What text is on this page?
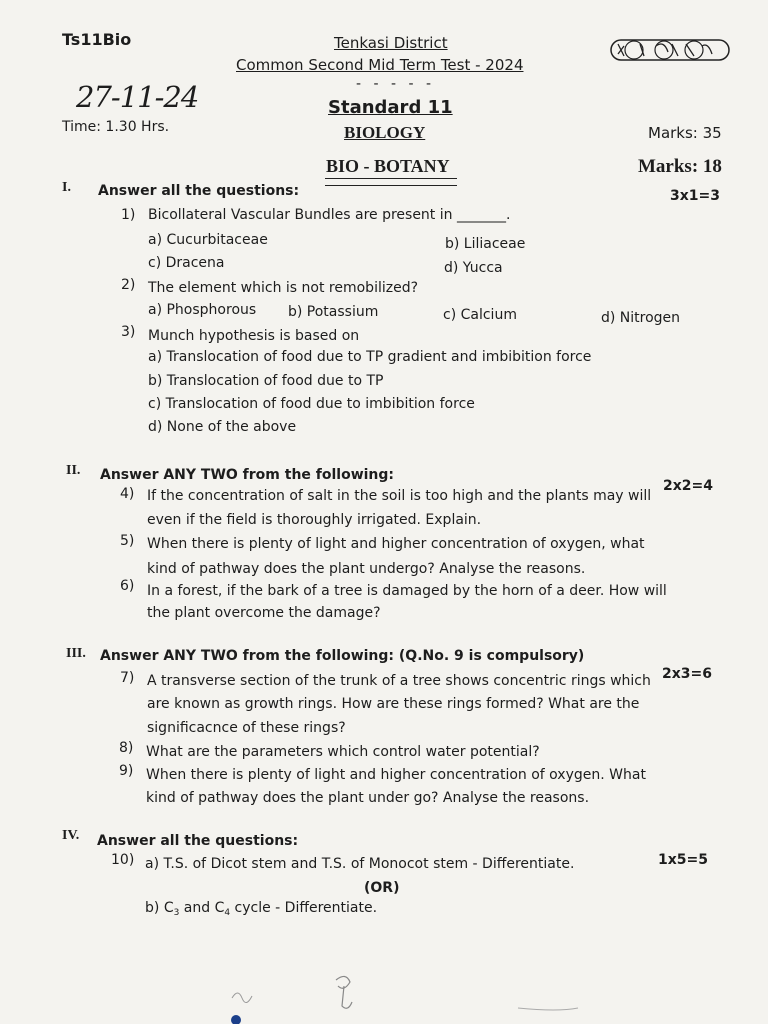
Ts11Bio	Tenkasi District
Common Second Mid Term Test - 2024
- - - - -
27-11-24
Time: 1.30 Hrs.
Standard 11
BIOLOGY	Marks: 35
BIO - BOTANY	Marks: 18
I. Answer all the questions:	3x1=3
1) Bicollateral Vascular Bundles are present in _______.
a) Cucurbitaceae	b) Liliaceae
c) Dracena	d) Yucca
2) The element which is not remobilized?
a) Phosphorous b) Potassium	c) Calcium	d) Nitrogen
3) Munch hypothesis is based on
a) Translocation of food due to TP gradient and imbibition force
b) Translocation of food due to TP
c) Translocation of food due to imbibition force
d) None of the above
II. Answer ANY TWO from the following:
2x2=4
4) If the concentration of salt in the soil is too high and the plants may will
even if the field is thoroughly irrigated. Explain.
5) When there is plenty of light and higher concentration of oxygen, what
kind of pathway does the plant undergo? Analyse the reasons.
6) In a forest, if the bark of a tree is damaged by the horn of a deer. How will
the plant overcome the damage?
III. Answer ANY TWO from the following: (Q.No. 9 is compulsory)
2x3=6
7) A transverse section of the trunk of a tree shows concentric rings which
are known as growth rings. How are these rings formed? What are the
significacnce of these rings?
8) What are the parameters which control water potential?
9) When there is plenty of light and higher concentration of oxygen. What
kind of pathway does the plant under go? Analyse the reasons.
IV. Answer all the questions:
1x5=5
10) a) T.S. of Dicot stem and T.S. of Monocot stem - Differentiate.
(OR)
b) $C_3$ and $C_4$ cycle - Differentiate.
